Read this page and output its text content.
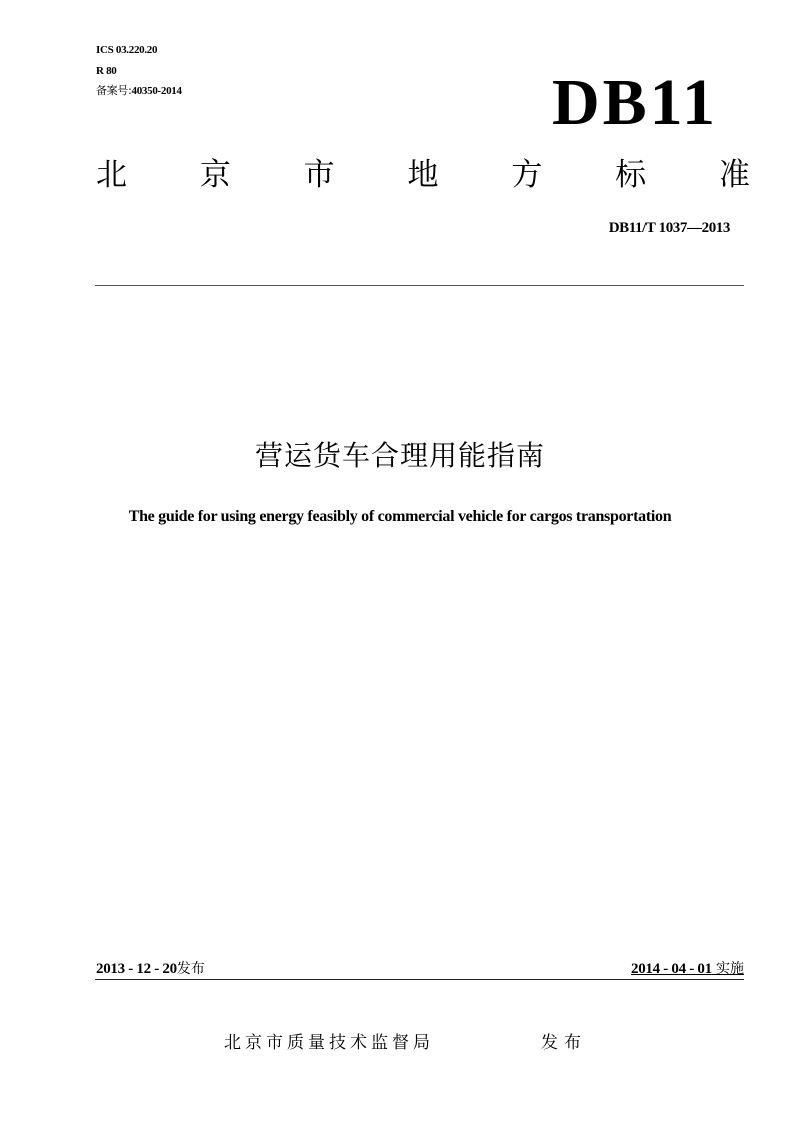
ICS 03.220.20
R 80
备案号:40350-2014	DB11
北 京 市 地 方 标 准
DB11/T 1037—2013
营运货车合理用能指南
The guide for using energy feasibly of commercial vehicle for cargos transportation
2013 - 12 - 20发布	2014 - 04 - 01 实施
北京市质量技术监督局	发布
